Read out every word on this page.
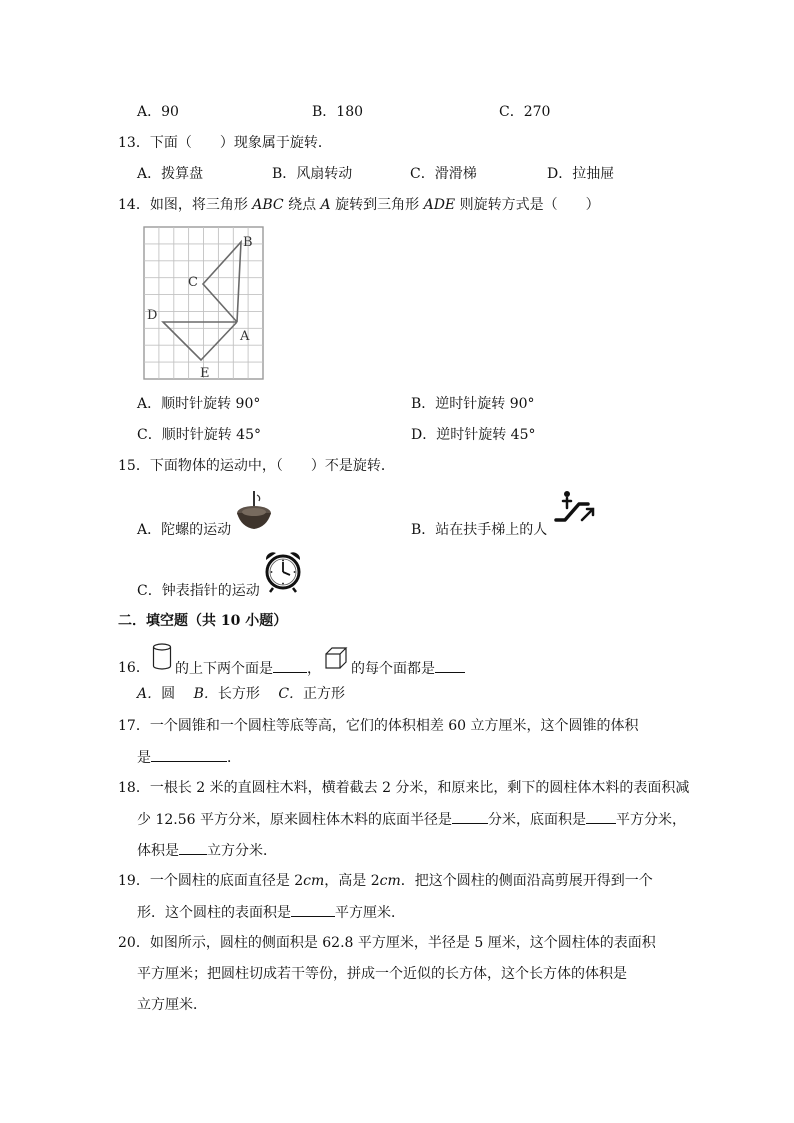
A．90	B．180	C．270
13．下面（　　）现象属于旋转．
A．拨算盘	B．风扇转动	C．滑滑梯	D．拉抽屉
14．如图，将三角形 ABC 绕点 A 旋转到三角形 ADE 则旋转方式是（　　）
B
C
D
A
E
A．顺时针旋转 90°	B．逆时针旋转 90°
C．顺时针旋转 45°	D．逆时针旋转 45°
15．下面物体的运动中，（　　）不是旋转．
A．陀螺的运动	B．站在扶手梯上的人
C．钟表指针的运动
二．填空题（共 10 小题）
16． 的上下两个面是 ， 的每个面都是
A．圆　 B．长方形　 C．正方形
17．一个圆锥和一个圆柱等底等高，它们的体积相差 60 立方厘米，这个圆锥的体积
是	．
18．一根长 2 米的直圆柱木料，横着截去 2 分米，和原来比，剩下的圆柱体木料的表面积减
少 12.56 平方分米，原来圆柱体木料的底面半径是	分米，底面积是 平方分米，
体积是 立方分米．
19．一个圆柱的底面直径是 2cm，高是 2cm．把这个圆柱的侧面沿高剪展开得到一个
形．这个圆柱的表面积是	平方厘米．
20．如图所示，圆柱的侧面积是 62.8 平方厘米，半径是 5 厘米，这个圆柱体的表面积
平方厘米；把圆柱切成若干等份，拼成一个近似的长方体，这个长方体的体积是
立方厘米．
